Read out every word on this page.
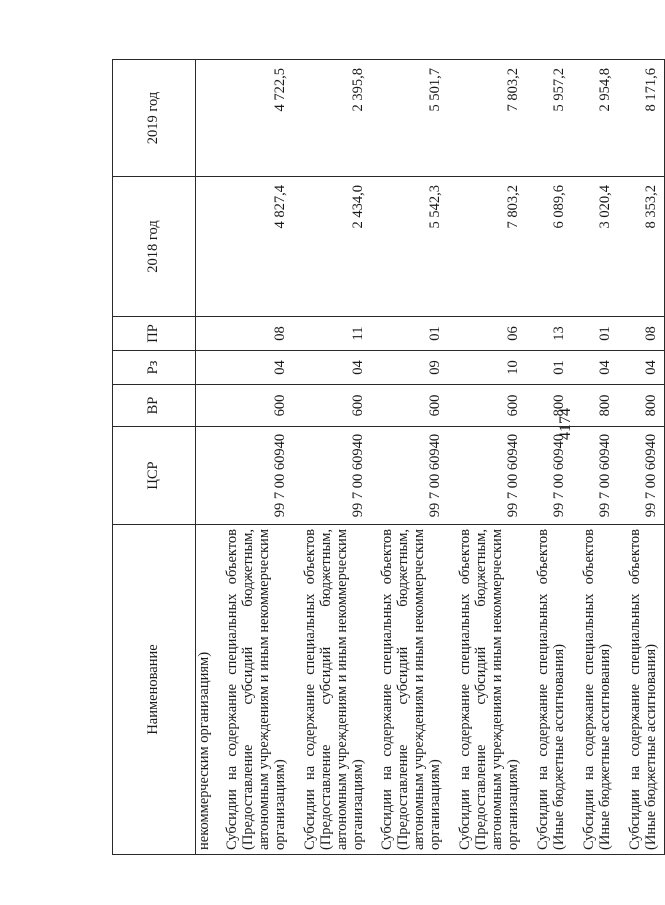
4174
Наименование	ЦСР	ВР	Рз	ПР	2018 год	2019 год
некоммерческим организациям)						
Субсидии на содержание специальных объектов (Предоставление субсидий бюджетным, автономным учреждениям и иным некоммерческим организациям)	99 7 00 60940	600	04	08	4 827,4	4 722,5
Субсидии на содержание специальных объектов (Предоставление субсидий бюджетным, автономным учреждениям и иным некоммерческим организациям)	99 7 00 60940	600	04	11	2 434,0	2 395,8
Субсидии на содержание специальных объектов (Предоставление субсидий бюджетным, автономным учреждениям и иным некоммерческим организациям)	99 7 00 60940	600	09	01	5 542,3	5 501,7
Субсидии на содержание специальных объектов (Предоставление субсидий бюджетным, автономным учреждениям и иным некоммерческим организациям)	99 7 00 60940	600	10	06	7 803,2	7 803,2
Субсидии на содержание специальных объектов (Иные бюджетные ассигнования)	99 7 00 60940	800	01	13	6 089,6	5 957,2
Субсидии на содержание специальных объектов (Иные бюджетные ассигнования)	99 7 00 60940	800	04	01	3 020,4	2 954,8
Субсидии на содержание специальных объектов (Иные бюджетные ассигнования)	99 7 00 60940	800	04	08	8 353,2	8 171,6
